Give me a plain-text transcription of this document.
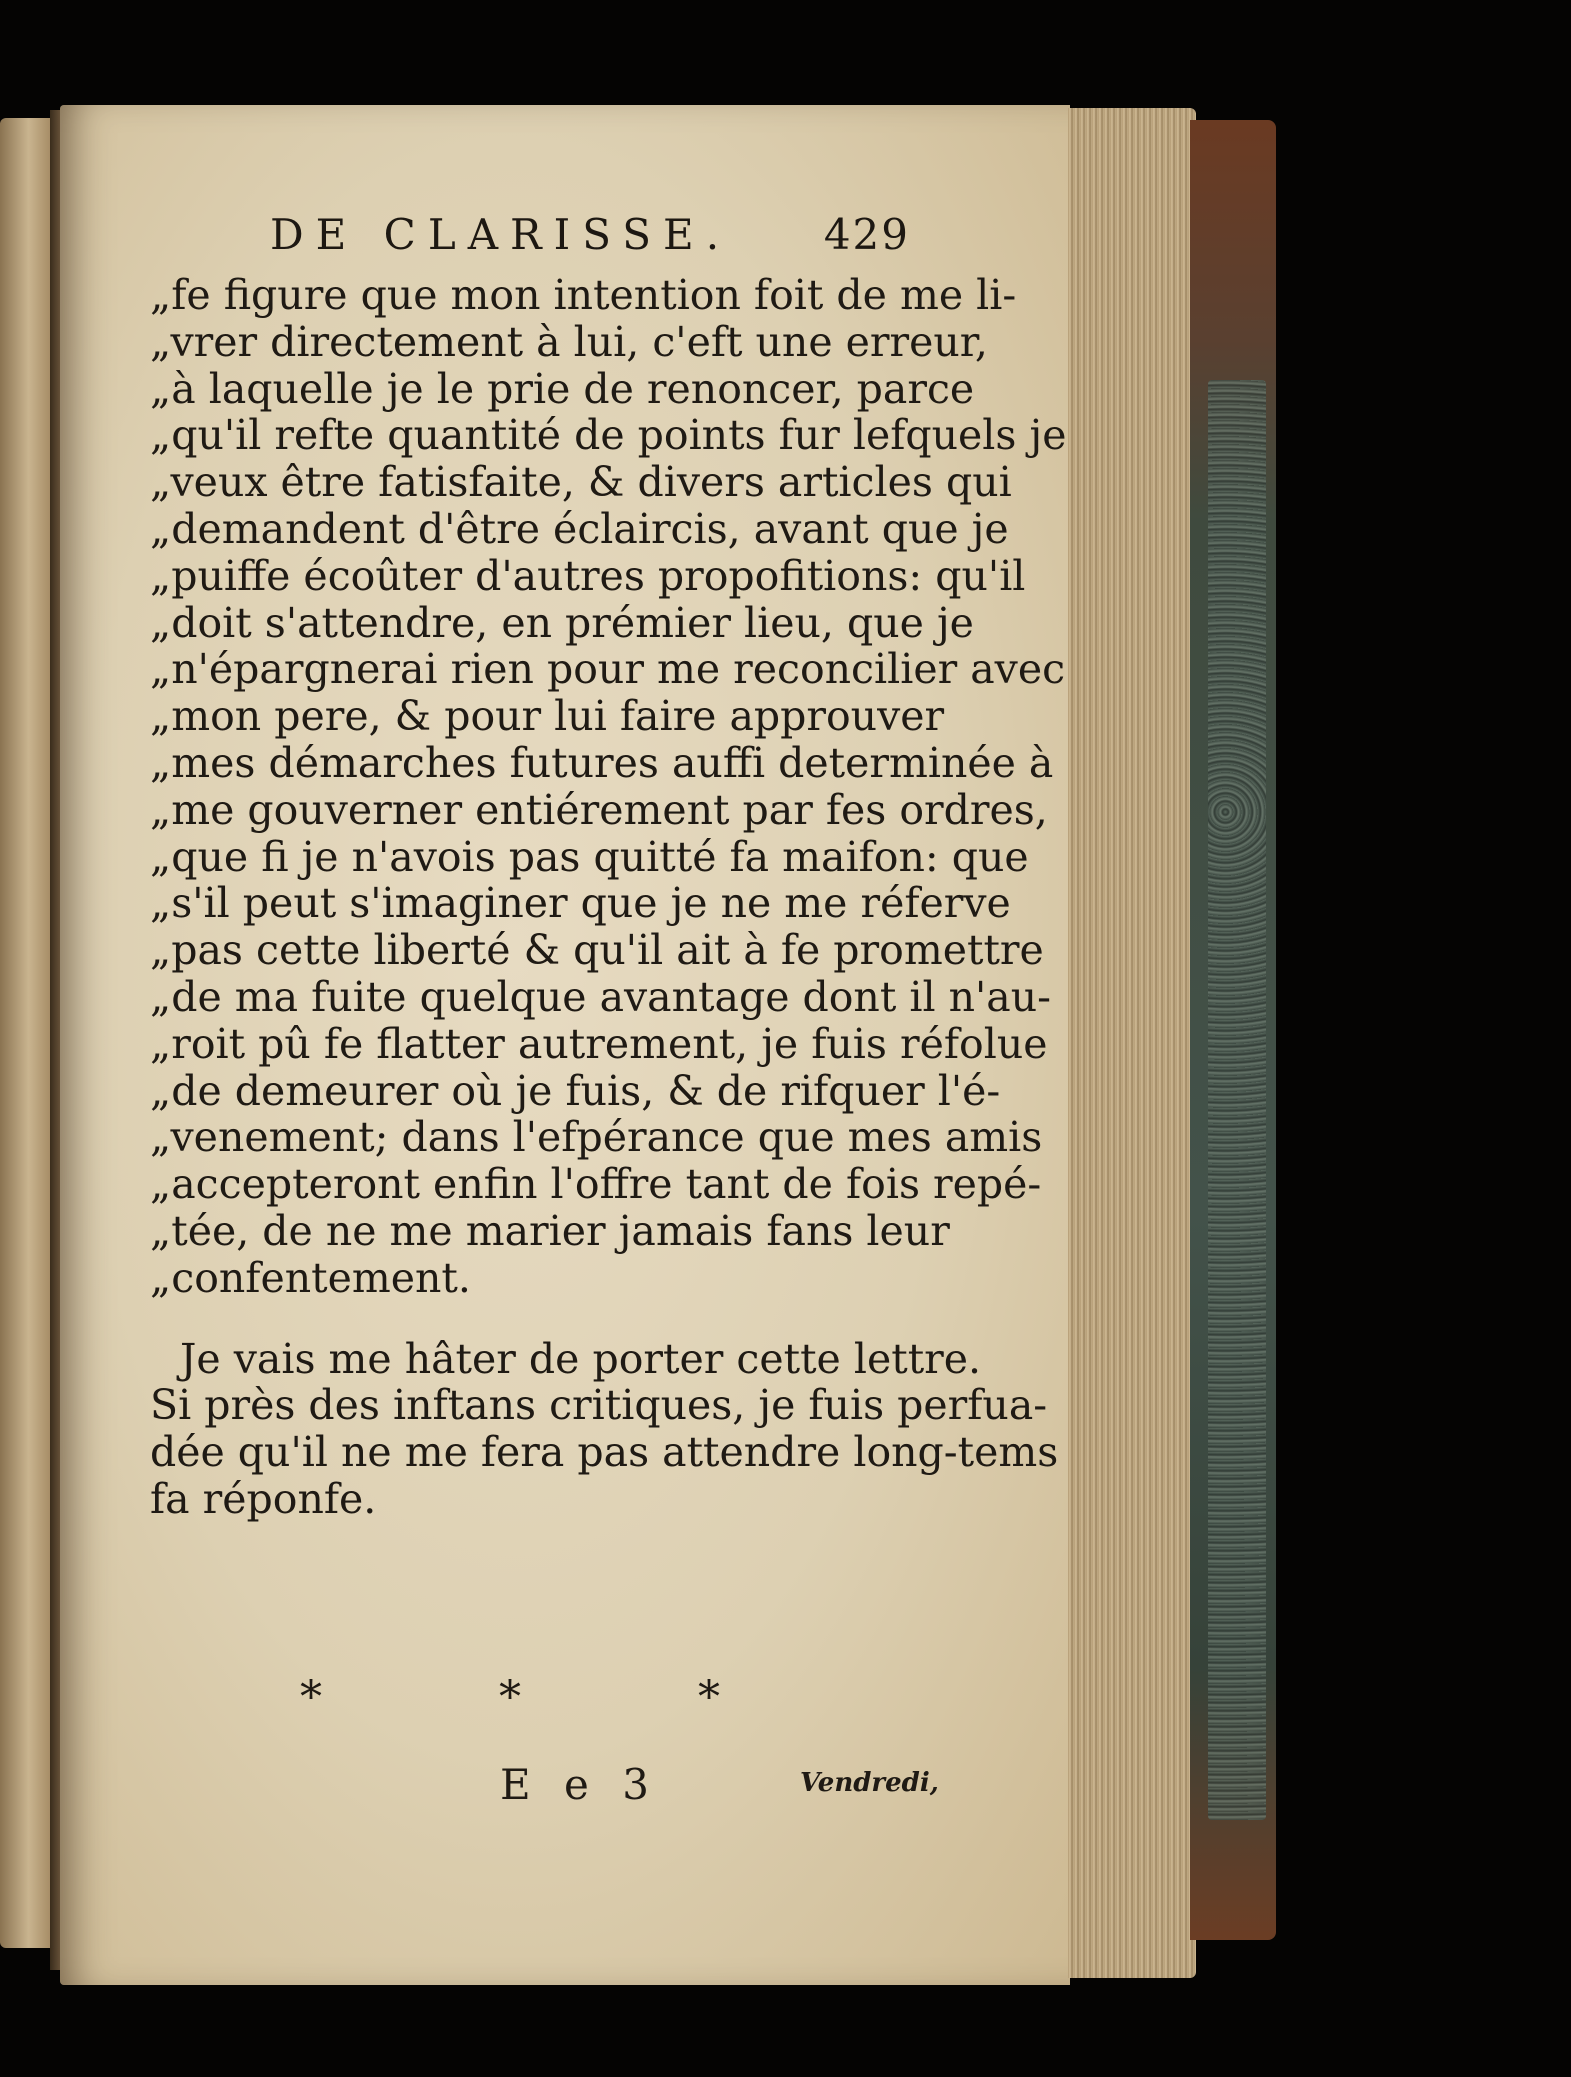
DE CLARISSE. 429
„fe figure que mon intention foit de me li-
„vrer directement à lui, c'eft une erreur,
„à laquelle je le prie de renoncer, parce
„qu'il refte quantité de points fur lefquels je
„veux être fatisfaite, & divers articles qui
„demandent d'être éclaircis, avant que je
„puiffe écoûter d'autres propofitions: qu'il
„doit s'attendre, en prémier lieu, que je
„n'épargnerai rien pour me reconcilier avec
„mon pere, & pour lui faire approuver
„mes démarches futures auffi determinée à
„me gouverner entiérement par fes ordres,
„que fi je n'avois pas quitté fa maifon: que
„s'il peut s'imaginer que je ne me réferve
„pas cette liberté & qu'il ait à fe promettre
„de ma fuite quelque avantage dont il n'au-
„roit pû fe flatter autrement, je fuis réfolue
„de demeurer où je fuis, & de rifquer l'é-
„venement; dans l'efpérance que mes amis
„accepteront enfin l'offre tant de fois repé-
„tée, de ne me marier jamais fans leur
„confentement.
Je vais me hâter de porter cette lettre.
Si près des inftans critiques, je fuis perfua-
dée qu'il ne me fera pas attendre long-tems
fa réponfe.
*	*	*
E e 3	Vendredi,
